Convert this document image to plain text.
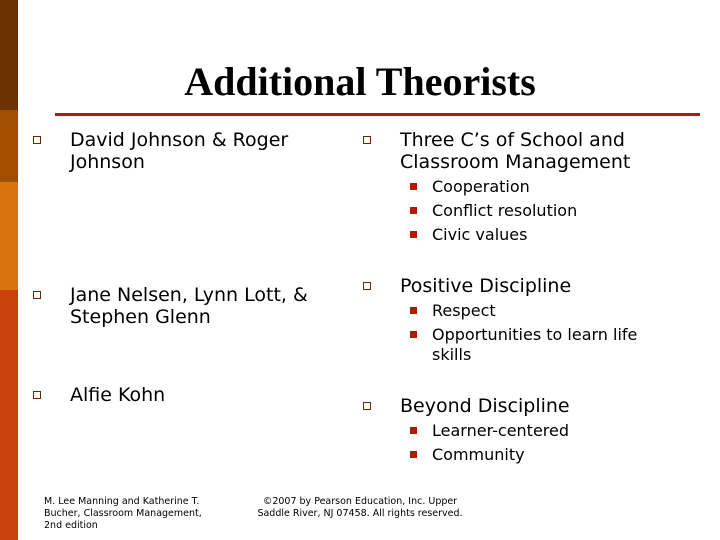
Additional Theorists
David Johnson & Roger Johnson
Jane Nelsen, Lynn Lott, & Stephen Glenn
Alfie Kohn
Three C’s of School and Classroom Management
Cooperation
Conflict resolution
Civic values
Positive Discipline
Respect
Opportunities to learn life skills
Beyond Discipline
Learner-centered
Community
M. Lee Manning and Katherine T. Bucher, Classroom Management, 2nd edition
©2007 by Pearson Education, Inc. Upper Saddle River, NJ 07458. All rights reserved.
